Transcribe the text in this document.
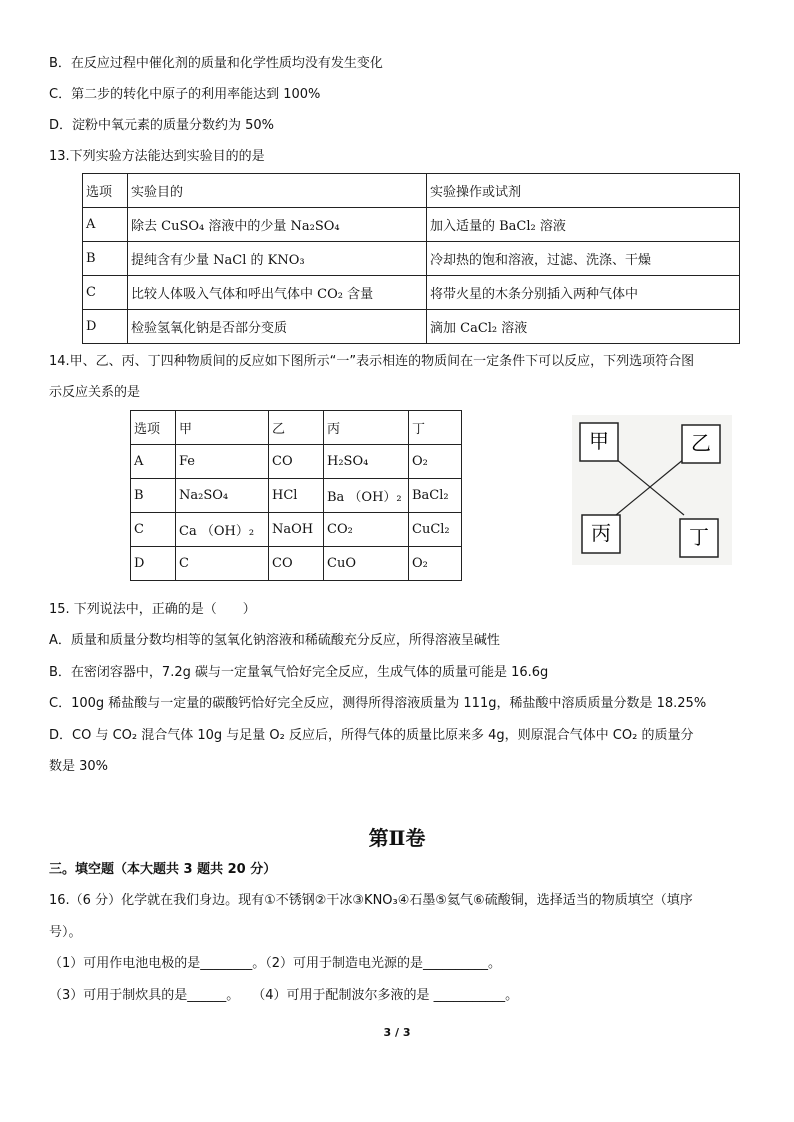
B．在反应过程中催化剂的质量和化学性质均没有发生变化
C．第二步的转化中原子的利用率能达到 100%
D．淀粉中氧元素的质量分数约为 50%
13.下列实验方法能达到实验目的的是
选项	实验目的	实验操作或试剂
A	除去 CuSO₄ 溶液中的少量 Na₂SO₄	加入适量的 BaCl₂ 溶液
B	提纯含有少量 NaCl 的 KNO₃	冷却热的饱和溶液，过滤、洗涤、干燥
C	比较人体吸入气体和呼出气体中 CO₂ 含量	将带火星的木条分别插入两种气体中
D	检验氢氧化钠是否部分变质	滴加 CaCl₂ 溶液
14.甲、乙、丙、丁四种物质间的反应如下图所示“一”表示相连的物质间在一定条件下可以反应，下列选项符合图
示反应关系的是
选项	甲	乙	丙	丁
A	Fe	CO	H₂SO₄	O₂
B	Na₂SO₄	HCl	Ba （OH）₂	BaCl₂
C	Ca （OH）₂	NaOH	CO₂	CuCl₂
D	C	CO	CuO	O₂
甲	乙
丙	丁
15. 下列说法中，正确的是（　　）
A．质量和质量分数均相等的氢氧化钠溶液和稀硫酸充分反应，所得溶液呈碱性
B．在密闭容器中，7.2g 碳与一定量氧气恰好完全反应，生成气体的质量可能是 16.6g
C．100g 稀盐酸与一定量的碳酸钙恰好完全反应，测得所得溶液质量为 111g，稀盐酸中溶质质量分数是 18.25%
D．CO 与 CO₂ 混合气体 10g 与足量 O₂ 反应后，所得气体的质量比原来多 4g，则原混合气体中 CO₂ 的质量分
数是 30%
第Ⅱ卷
三。填空题（本大题共 3 题共 20 分）
16.（6 分）化学就在我们身边。现有①不锈钢②干冰③KNO₃④石墨⑤氦气⑥硫酸铜，选择适当的物质填空（填序
号）。
（1）可用作电池电极的是________。（2）可用于制造电光源的是__________。
（3）可用于制炊具的是______。　　（4）可用于配制波尔多液的是 ___________。
3 / 3
